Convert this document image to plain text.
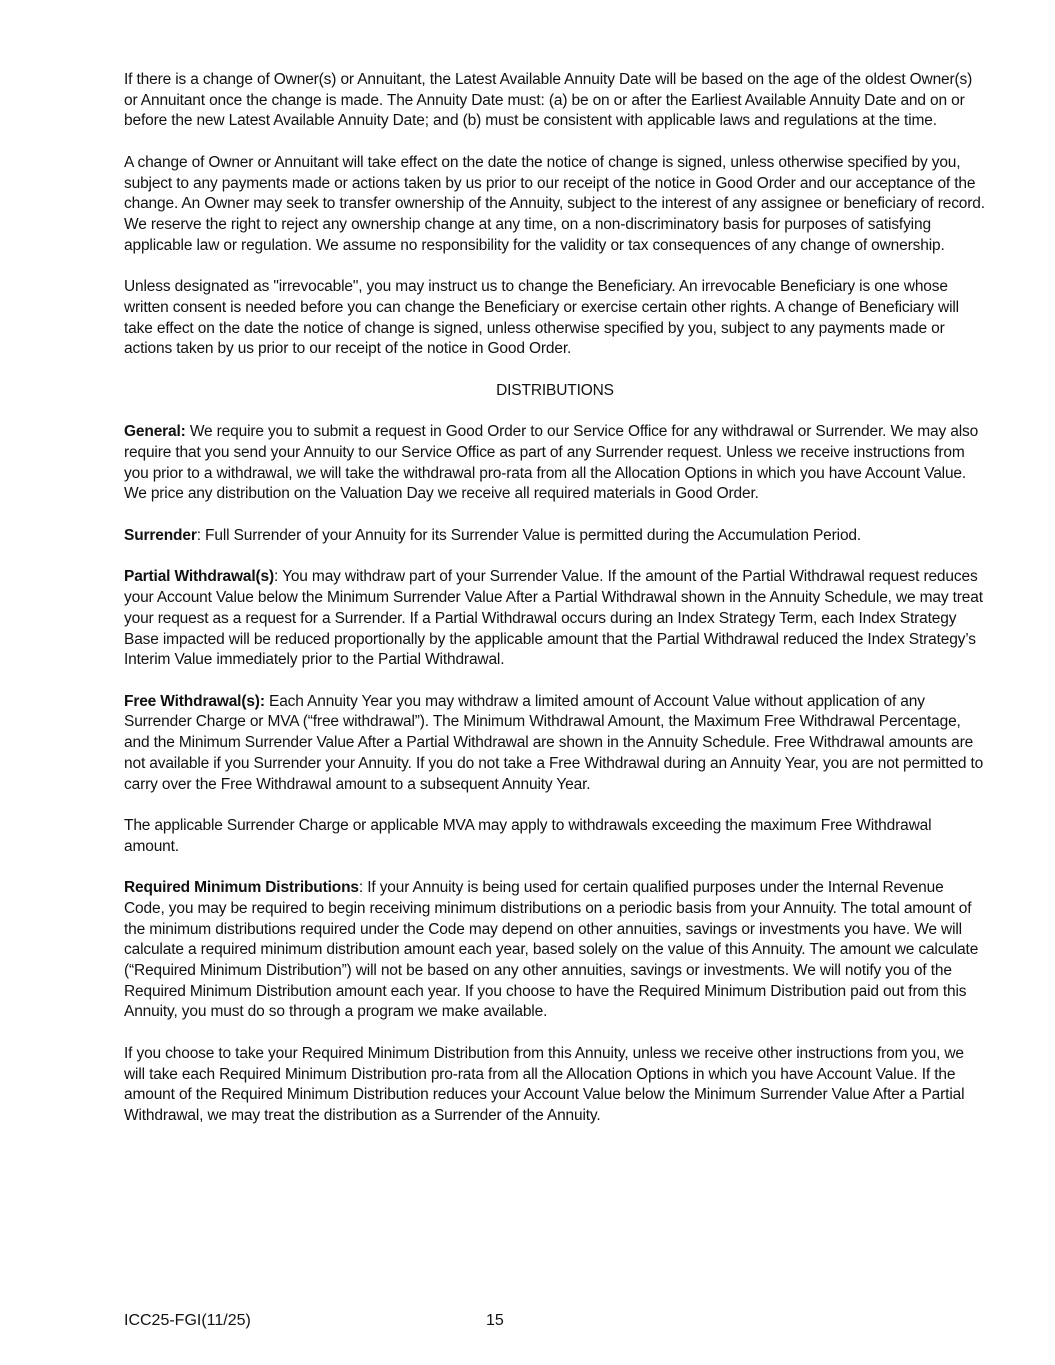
If there is a change of Owner(s) or Annuitant, the Latest Available Annuity Date will be based on the age of the oldest Owner(s) or Annuitant once the change is made. The Annuity Date must: (a) be on or after the Earliest Available Annuity Date and on or before the new Latest Available Annuity Date; and (b) must be consistent with applicable laws and regulations at the time.

A change of Owner or Annuitant will take effect on the date the notice of change is signed, unless otherwise specified by you, subject to any payments made or actions taken by us prior to our receipt of the notice in Good Order and our acceptance of the change. An Owner may seek to transfer ownership of the Annuity, subject to the interest of any assignee or beneficiary of record. We reserve the right to reject any ownership change at any time, on a non-discriminatory basis for purposes of satisfying applicable law or regulation. We assume no responsibility for the validity or tax consequences of any change of ownership.

Unless designated as "irrevocable", you may instruct us to change the Beneficiary. An irrevocable Beneficiary is one whose written consent is needed before you can change the Beneficiary or exercise certain other rights. A change of Beneficiary will take effect on the date the notice of change is signed, unless otherwise specified by you, subject to any payments made or actions taken by us prior to our receipt of the notice in Good Order.

DISTRIBUTIONS

General: We require you to submit a request in Good Order to our Service Office for any withdrawal or Surrender. We may also require that you send your Annuity to our Service Office as part of any Surrender request. Unless we receive instructions from you prior to a withdrawal, we will take the withdrawal pro-rata from all the Allocation Options in which you have Account Value. We price any distribution on the Valuation Day we receive all required materials in Good Order.

Surrender: Full Surrender of your Annuity for its Surrender Value is permitted during the Accumulation Period.

Partial Withdrawal(s): You may withdraw part of your Surrender Value. If the amount of the Partial Withdrawal request reduces your Account Value below the Minimum Surrender Value After a Partial Withdrawal shown in the Annuity Schedule, we may treat your request as a request for a Surrender. If a Partial Withdrawal occurs during an Index Strategy Term, each Index Strategy Base impacted will be reduced proportionally by the applicable amount that the Partial Withdrawal reduced the Index Strategy’s Interim Value immediately prior to the Partial Withdrawal.

Free Withdrawal(s): Each Annuity Year you may withdraw a limited amount of Account Value without application of any Surrender Charge or MVA (“free withdrawal”). The Minimum Withdrawal Amount, the Maximum Free Withdrawal Percentage, and the Minimum Surrender Value After a Partial Withdrawal are shown in the Annuity Schedule. Free Withdrawal amounts are not available if you Surrender your Annuity. If you do not take a Free Withdrawal during an Annuity Year, you are not permitted to carry over the Free Withdrawal amount to a subsequent Annuity Year.

The applicable Surrender Charge or applicable MVA may apply to withdrawals exceeding the maximum Free Withdrawal amount.

Required Minimum Distributions: If your Annuity is being used for certain qualified purposes under the Internal Revenue Code, you may be required to begin receiving minimum distributions on a periodic basis from your Annuity. The total amount of the minimum distributions required under the Code may depend on other annuities, savings or investments you have. We will calculate a required minimum distribution amount each year, based solely on the value of this Annuity. The amount we calculate (“Required Minimum Distribution”) will not be based on any other annuities, savings or investments. We will notify you of the Required Minimum Distribution amount each year. If you choose to have the Required Minimum Distribution paid out from this Annuity, you must do so through a program we make available.

If you choose to take your Required Minimum Distribution from this Annuity, unless we receive other instructions from you, we will take each Required Minimum Distribution pro-rata from all the Allocation Options in which you have Account Value. If the amount of the Required Minimum Distribution reduces your Account Value below the Minimum Surrender Value After a Partial Withdrawal, we may treat the distribution as a Surrender of the Annuity.

ICC25-FGI(11/25)	15
